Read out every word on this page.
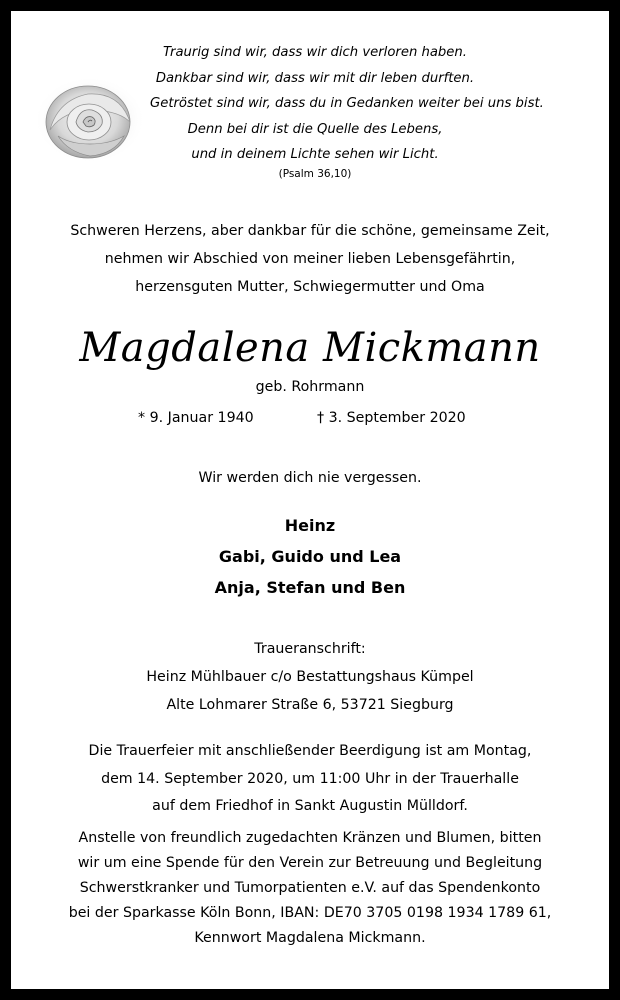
Traurig sind wir, dass wir dich verloren haben.
Dankbar sind wir, dass wir mit dir leben durften.
Getröstet sind wir, dass du in Gedanken weiter bei uns bist.
Denn bei dir ist die Quelle des Lebens,
und in deinem Lichte sehen wir Licht.
(Psalm 36,10)
Schweren Herzens, aber dankbar für die schöne, gemeinsame Zeit,
nehmen wir Abschied von meiner lieben Lebensgefährtin,
herzensguten Mutter, Schwiegermutter und Oma
Magdalena Mickmann
geb. Rohrmann
* 9. Januar 1940	† 3. September 2020
Wir werden dich nie vergessen.
Heinz
Gabi, Guido und Lea
Anja, Stefan und Ben
Traueranschrift:
Heinz Mühlbauer c/o Bestattungshaus Kümpel
Alte Lohmarer Straße 6, 53721 Siegburg
Die Trauerfeier mit anschließender Beerdigung ist am Montag,
dem 14. September 2020, um 11:00 Uhr in der Trauerhalle
auf dem Friedhof in Sankt Augustin Mülldorf.
Anstelle von freundlich zugedachten Kränzen und Blumen, bitten
wir um eine Spende für den Verein zur Betreuung und Begleitung
Schwerstkranker und Tumorpatienten e.V. auf das Spendenkonto
bei der Sparkasse Köln Bonn, IBAN: DE70 3705 0198 1934 1789 61,
Kennwort Magdalena Mickmann.
